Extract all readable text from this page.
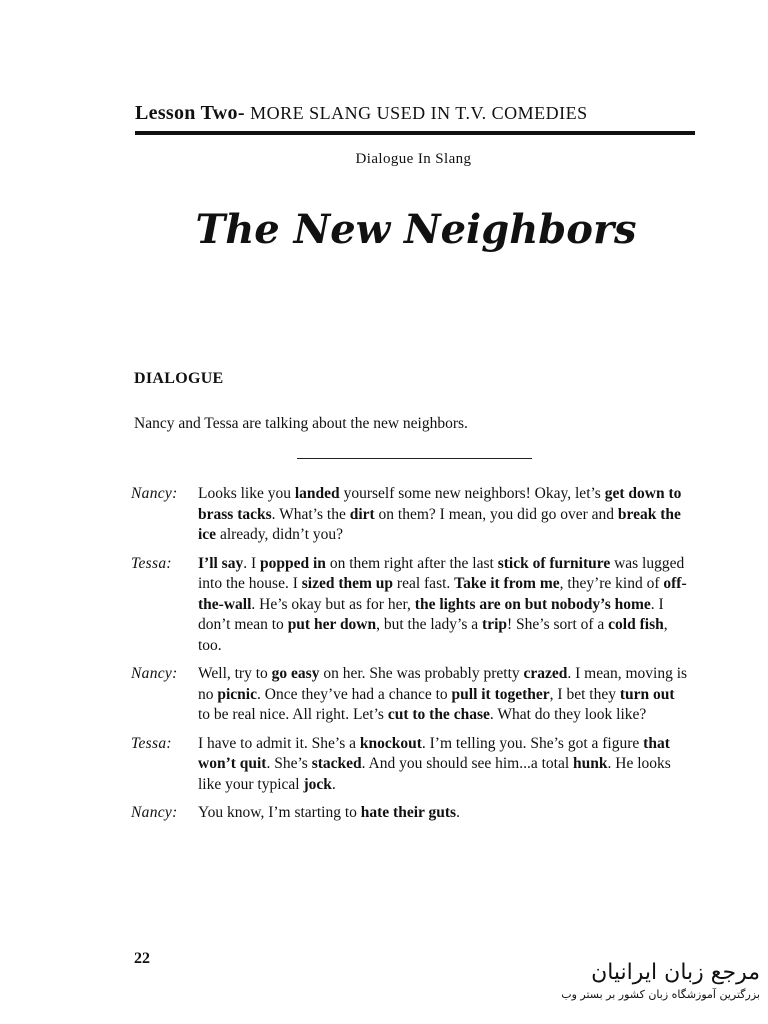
Lesson Two- MORE SLANG USED IN T.V. COMEDIES
Dialogue In Slang
The New Neighbors
DIALOGUE
Nancy and Tessa are talking about the new neighbors.
Nancy:	Looks like you landed yourself some new neighbors! Okay, let’s get down to brass tacks. What’s the dirt on them? I mean, you did go over and break the ice already, didn’t you?
Tessa:	I’ll say. I popped in on them right after the last stick of furniture was lugged into the house. I sized them up real fast. Take it from me, they’re kind of off-the-wall. He’s okay but as for her, the lights are on but nobody’s home. I don’t mean to put her down, but the lady’s a trip! She’s sort of a cold fish, too.
Nancy:	Well, try to go easy on her. She was probably pretty crazed. I mean, moving is no picnic. Once they’ve had a chance to pull it together, I bet they turn out to be real nice. All right. Let’s cut to the chase. What do they look like?
Tessa:	I have to admit it. She’s a knockout. I’m telling you. She’s got a figure that won’t quit. She’s stacked. And you should see him...a total hunk. He looks like your typical jock.
Nancy:	You know, I’m starting to hate their guts.
22
مرجع زبان ایرانیان
بزرگترین آموزشگاه زبان کشور بر بستر وب
